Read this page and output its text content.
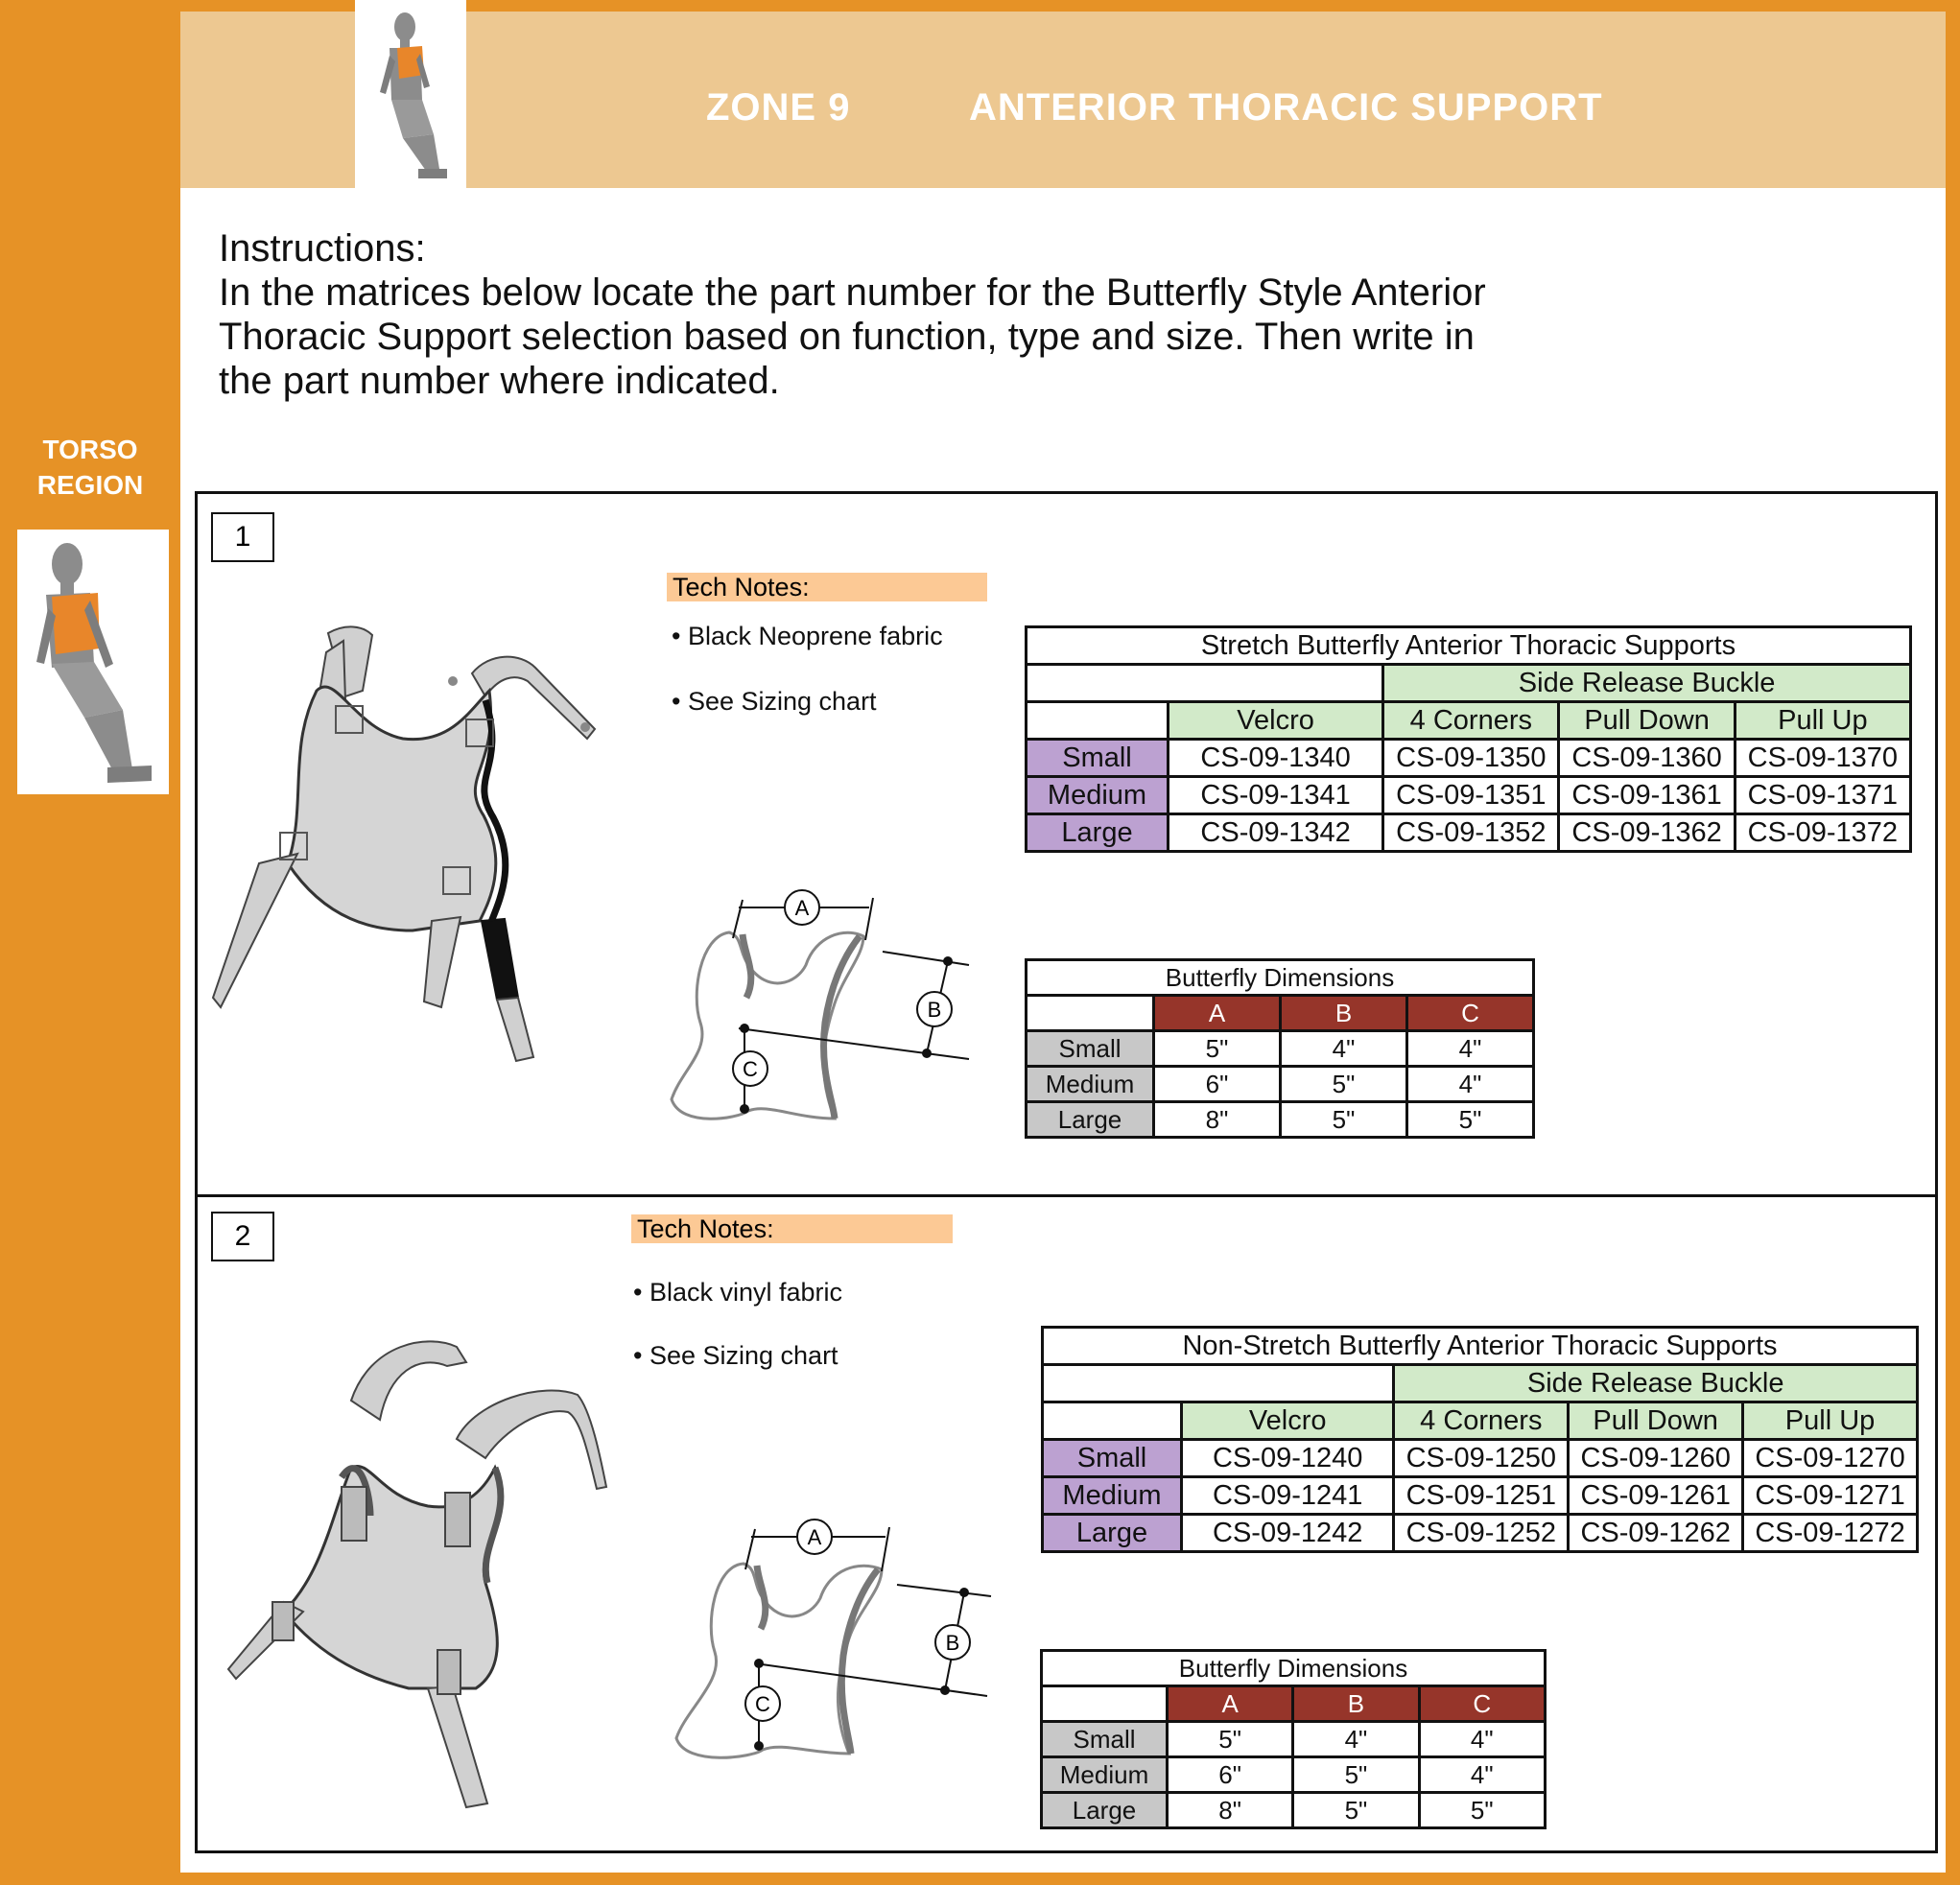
ZONE 9	ANTERIOR THORACIC SUPPORT
TORSO
REGION

Instructions:

In the matrices below locate the part number for the Butterfly Style Anterior

Thoracic Support selection based on function, type and size. Then write in

the part number where indicated.

1
Tech Notes:
• Black Neoprene fabric
• See Sizing chart
A
B
C
Stretch Butterfly Anterior Thoracic Supports				
		Side Release Buckle		
	Velcro	4 Corners	Pull Down	Pull Up
Small	CS-09-1340	CS-09-1350	CS-09-1360	CS-09-1370
Medium	CS-09-1341	CS-09-1351	CS-09-1361	CS-09-1371
Large	CS-09-1342	CS-09-1352	CS-09-1362	CS-09-1372
Butterfly Dimensions			
	A	B	C
Small	5"	4"	4"
Medium	6"	5"	4"
Large	8"	5"	5"
2	Tech Notes:
• Black vinyl fabric
• See Sizing chart
A
B
C
Non-Stretch Butterfly Anterior Thoracic Supports				
		Side Release Buckle		
	Velcro	4 Corners	Pull Down	Pull Up
Small	CS-09-1240	CS-09-1250	CS-09-1260	CS-09-1270
Medium	CS-09-1241	CS-09-1251	CS-09-1261	CS-09-1271
Large	CS-09-1242	CS-09-1252	CS-09-1262	CS-09-1272
Butterfly Dimensions			
	A	B	C
Small	5"	4"	4"
Medium	6"	5"	4"
Large	8"	5"	5"
